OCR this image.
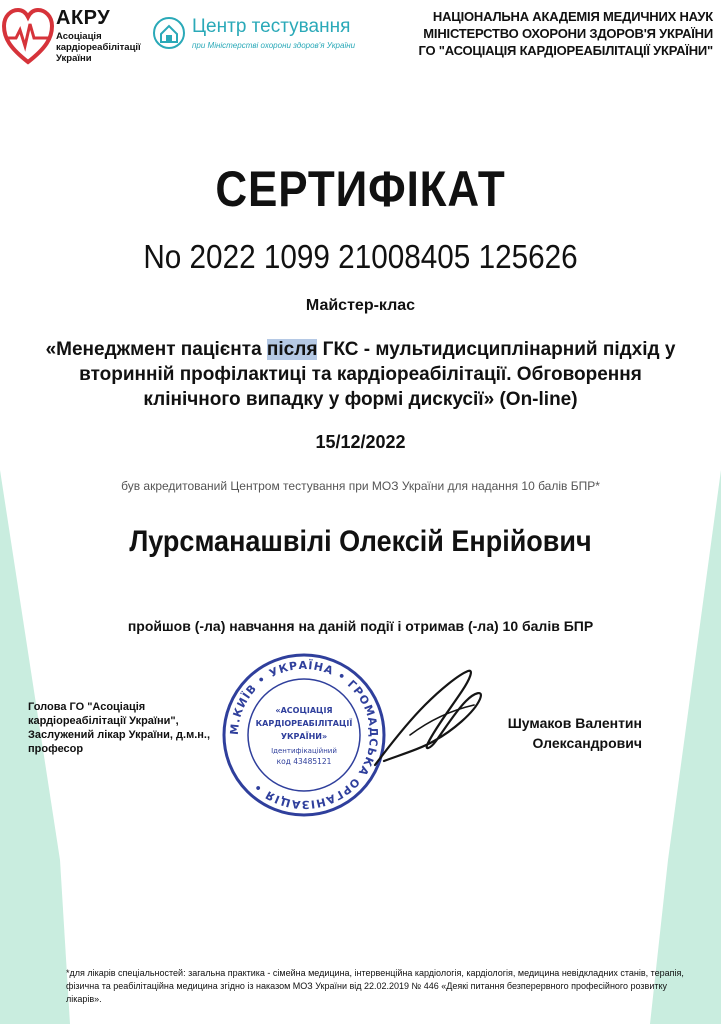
АКРУ
Асоціація кардіореабілітації України
Центр тестування
при Міністерстві охорони здоров'я України
НАЦІОНАЛЬНА АКАДЕМІЯ МЕДИЧНИХ НАУК
МІНІСТЕРСТВО ОХОРОНИ ЗДОРОВ'Я УКРАЇНИ
ГО "АСОЦІАЦІЯ КАРДІОРЕАБІЛІТАЦІЇ УКРАЇНИ"
СЕРТИФІКАТ
No 2022 1099 21008405 125626
Майстер-клас
«Менеджмент пацієнта після ГКС - мультидисциплінарний підхід у вторинній профілактиці та кардіореабілітації. Обговорення клінічного випадку у формі дискусії» (On-line)
15/12/2022
був акредитований Центром тестування при МОЗ України для надання 10 балів БПР*
Лурсманашвілі Олексій Енрійович
пройшов (-ла) навчання на даній події і отримав (-ла) 10 балів БПР
Голова ГО "Асоціація кардіореабілітації України", Заслужений лікар України, д.м.н., професор
М.КИЇВ • УКРАЇНА • ГРОМАДСЬКА ОРГАНІЗАЦІЯ •
«АСОЦІАЦІЯ
КАРДІОРЕАБІЛІТАЦІЇ
УКРАЇНИ»
Ідентифікаційний
код 43485121
Шумаков Валентин Олександрович
*для лікарів спеціальностей: загальна практика - сімейна медицина, інтервенційна кардіологія, кардіологія, медицина невідкладних станів, терапія, фізична та реабілітаційна медицина згідно із наказом МОЗ України від 22.02.2019 № 446 «Деякі питання безперервного професійного розвитку лікарів».
